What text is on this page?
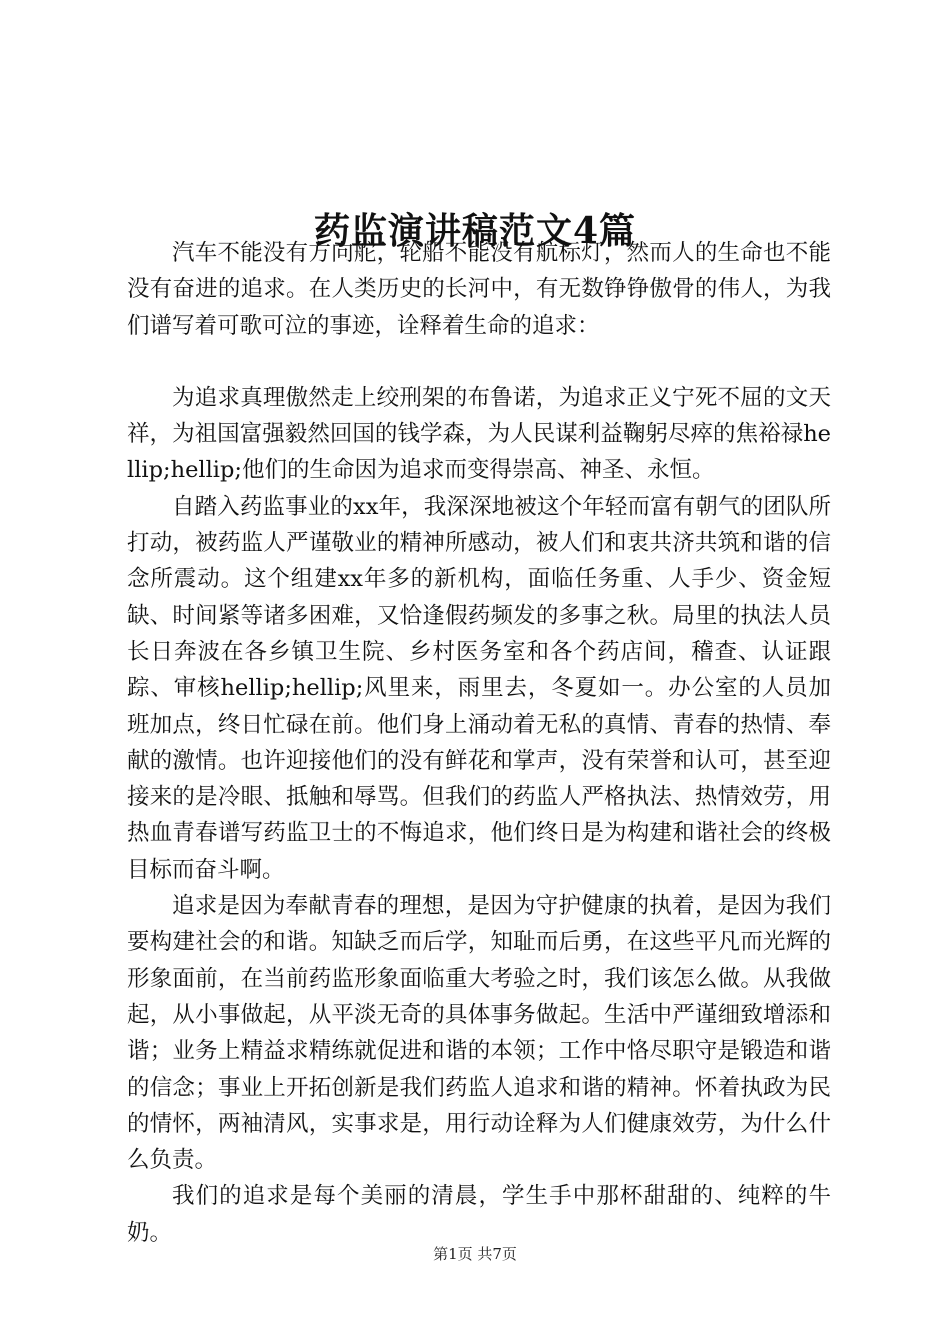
药监演讲稿范文4篇

汽车不能没有方向舵，轮船不能没有航标灯，然而人的生命也不能没有奋进的追求。在人类历史的长河中，有无数铮铮傲骨的伟人，为我们谱写着可歌可泣的事迹，诠释着生命的追求：

为追求真理傲然走上绞刑架的布鲁诺，为追求正义宁死不屈的文天祥，为祖国富强毅然回国的钱学森，为人民谋利益鞠躬尽瘁的焦裕禄hellip;hellip;他们的生命因为追求而变得崇高、神圣、永恒。

自踏入药监事业的xx年，我深深地被这个年轻而富有朝气的团队所打动，被药监人严谨敬业的精神所感动，被人们和衷共济共筑和谐的信念所震动。这个组建xx年多的新机构，面临任务重、人手少、资金短缺、时间紧等诸多困难，又恰逢假药频发的多事之秋。局里的执法人员长日奔波在各乡镇卫生院、乡村医务室和各个药店间，稽查、认证跟踪、审核hellip;hellip;风里来，雨里去，冬夏如一。办公室的人员加班加点，终日忙碌在前。他们身上涌动着无私的真情、青春的热情、奉献的激情。也许迎接他们的没有鲜花和掌声，没有荣誉和认可，甚至迎接来的是冷眼、抵触和辱骂。但我们的药监人严格执法、热情效劳，用热血青春谱写药监卫士的不悔追求，他们终日是为构建和谐社会的终极目标而奋斗啊。

追求是因为奉献青春的理想，是因为守护健康的执着，是因为我们要构建社会的和谐。知缺乏而后学，知耻而后勇，在这些平凡而光辉的形象面前，在当前药监形象面临重大考验之时，我们该怎么做。从我做起，从小事做起，从平淡无奇的具体事务做起。生活中严谨细致增添和谐；业务上精益求精练就促进和谐的本领；工作中恪尽职守是锻造和谐的信念；事业上开拓创新是我们药监人追求和谐的精神。怀着执政为民的情怀，两袖清风，实事求是，用行动诠释为人们健康效劳，为什么什么负责。

我们的追求是每个美丽的清晨，学生手中那杯甜甜的、纯粹的牛奶。

第1页 共7页
